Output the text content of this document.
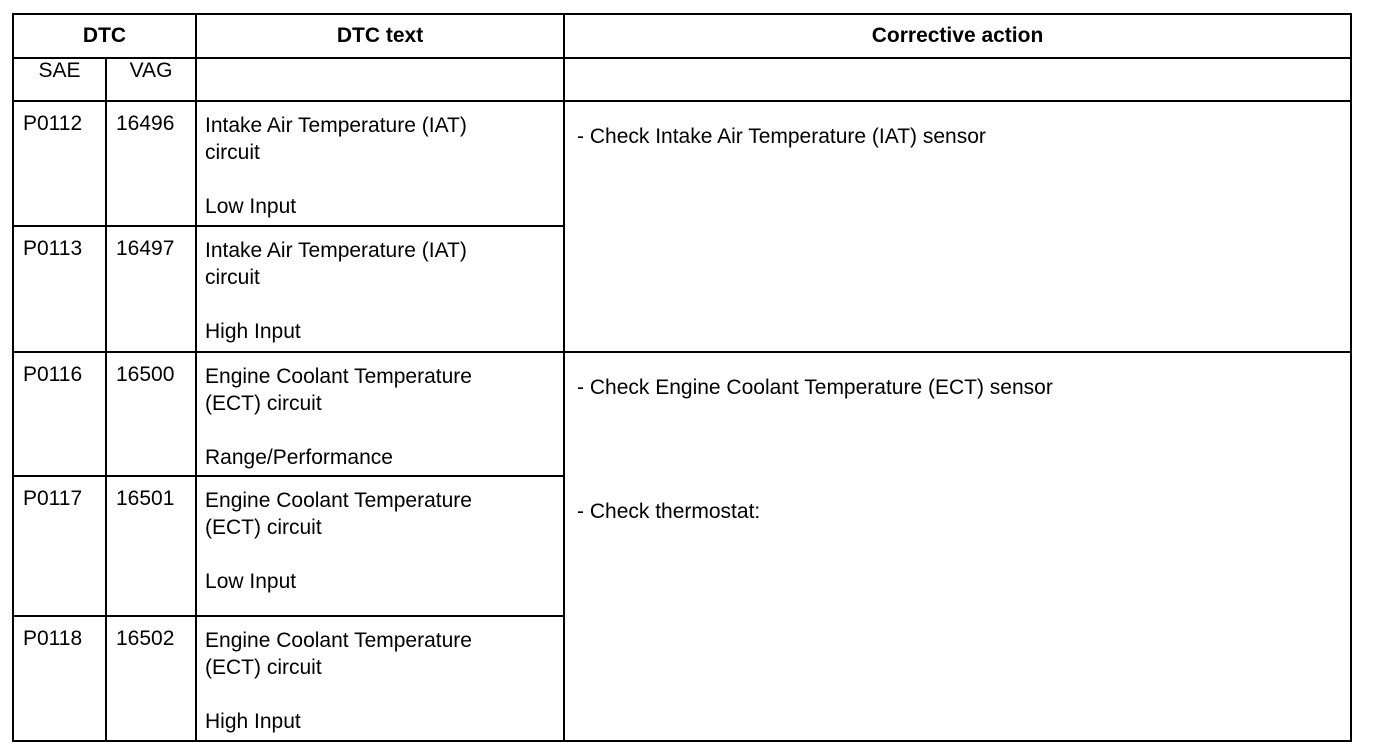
DTC		DTC text	Corrective action
SAE	VAG		
P0112	16496	Intake Air Temperature (IAT)
circuit
Low Input	- Check Intake Air Temperature (IAT) sensor

P0113	16497	Intake Air Temperature (IAT)
circuit
High Input	
P0116	16500	Engine Coolant Temperature
(ECT) circuit
Range/Performance	- Check Engine Coolant Temperature (ECT) sensor
- Check thermostat:

P0117	16501	Engine Coolant Temperature
(ECT) circuit
Low Input	
P0118	16502	Engine Coolant Temperature
(ECT) circuit
High Input	
